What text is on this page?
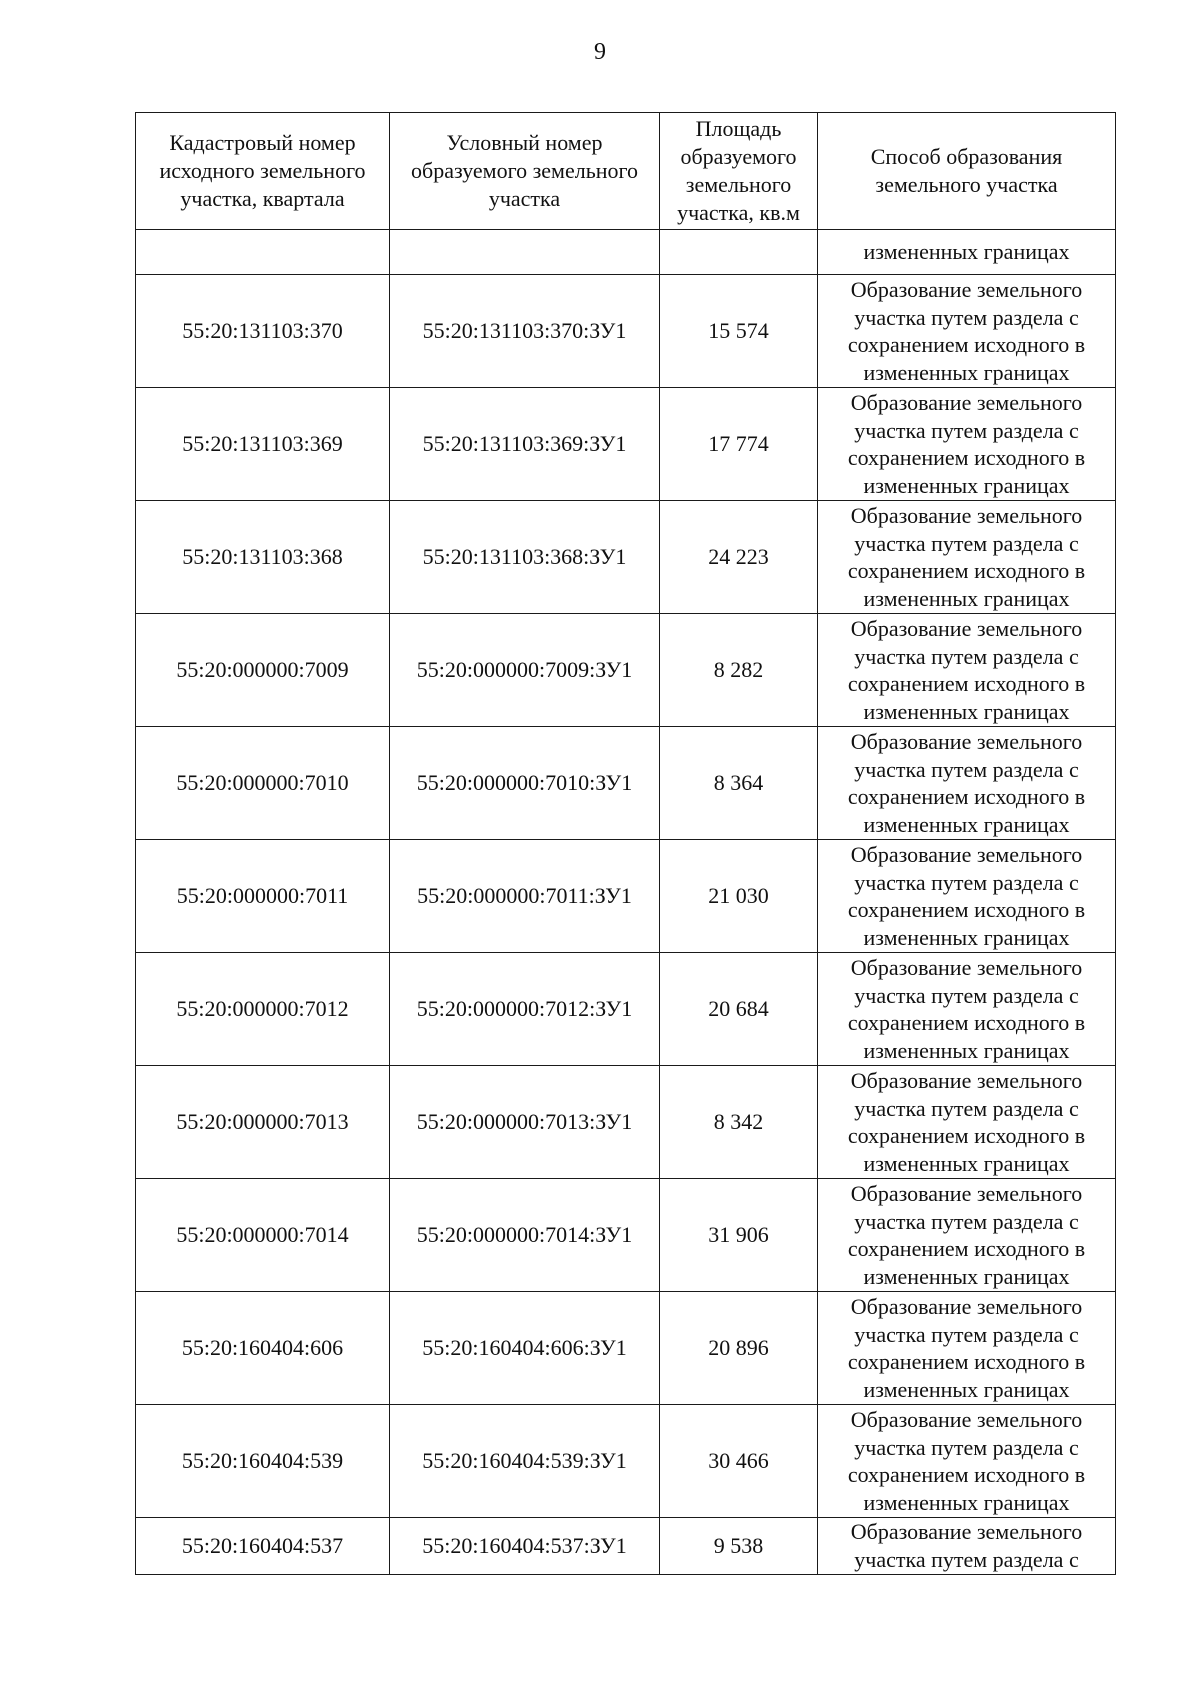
9
Кадастровый номер исходного земельного участка, квартала	Условный номер образуемого земельного участка	Площадь образуемого земельного участка, кв.м	Способ образования земельного участка
			измененных границах
55:20:131103:370	55:20:131103:370:ЗУ1	15 574	Образование земельного участка путем раздела с сохранением исходного в измененных границах
55:20:131103:369	55:20:131103:369:ЗУ1	17 774	Образование земельного участка путем раздела с сохранением исходного в измененных границах
55:20:131103:368	55:20:131103:368:ЗУ1	24 223	Образование земельного участка путем раздела с сохранением исходного в измененных границах
55:20:000000:7009	55:20:000000:7009:ЗУ1	8 282	Образование земельного участка путем раздела с сохранением исходного в измененных границах
55:20:000000:7010	55:20:000000:7010:ЗУ1	8 364	Образование земельного участка путем раздела с сохранением исходного в измененных границах
55:20:000000:7011	55:20:000000:7011:ЗУ1	21 030	Образование земельного участка путем раздела с сохранением исходного в измененных границах
55:20:000000:7012	55:20:000000:7012:ЗУ1	20 684	Образование земельного участка путем раздела с сохранением исходного в измененных границах
55:20:000000:7013	55:20:000000:7013:ЗУ1	8 342	Образование земельного участка путем раздела с сохранением исходного в измененных границах
55:20:000000:7014	55:20:000000:7014:ЗУ1	31 906	Образование земельного участка путем раздела с сохранением исходного в измененных границах
55:20:160404:606	55:20:160404:606:ЗУ1	20 896	Образование земельного участка путем раздела с сохранением исходного в измененных границах
55:20:160404:539	55:20:160404:539:ЗУ1	30 466	Образование земельного участка путем раздела с сохранением исходного в измененных границах
55:20:160404:537	55:20:160404:537:ЗУ1	9 538	Образование земельного участка путем раздела с
